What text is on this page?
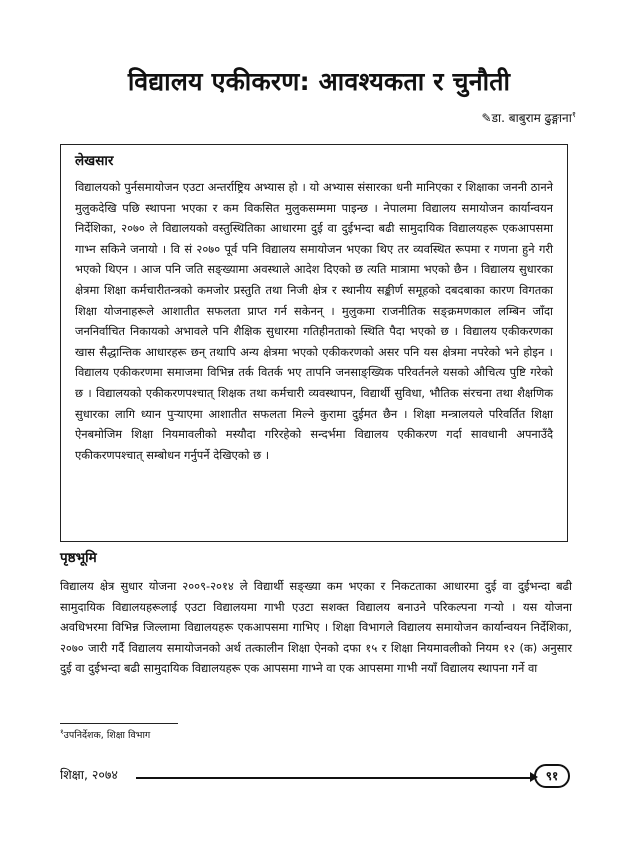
विद्यालय एकीकरण: आवश्यकता र चुनौती
✎डा. बाबुराम ढुङ्गाना$^१$

लेखसार

विद्यालयको पुर्नसमायोजन एउटा अन्तर्राष्ट्रिय अभ्यास हो । यो अभ्यास संसारका धनी मानिएका र शिक्षाका जननी ठानने मुलुकदेखि पछि स्थापना भएका र कम विकसित मुलुकसम्ममा पाइन्छ । नेपालमा विद्यालय समायोजन कार्यान्वयन निर्देशिका, २०७० ले विद्यालयको वस्तुस्थितिका आधारमा दुई वा दुईभन्दा बढी सामुदायिक विद्यालयहरू एकआपसमा गाभ्न सकिने जनायो । वि सं २०७० पूर्व पनि विद्यालय समायोजन भएका थिए तर व्यवस्थित रूपमा र गणना हुने गरी भएको थिएन । आज पनि जति सङ्ख्यामा अवस्थाले आदेश दिएको छ त्यति मात्रामा भएको छैन । विद्यालय सुधारका क्षेत्रमा शिक्षा कर्मचारीतन्त्रको कमजोर प्रस्तुति तथा निजी क्षेत्र र स्थानीय सङ्कीर्ण समूहको दबदबाका कारण विगतका शिक्षा योजनाहरूले आशातीत सफलता प्राप्त गर्न सकेनन् । मुलुकमा राजनीतिक सङ्क्रमणकाल लम्बिन जाँदा जननिर्वाचित निकायको अभावले पनि शैक्षिक सुधारमा गतिहीनताको स्थिति पैदा भएको छ । विद्यालय एकीकरणका खास सैद्धान्तिक आधारहरू छन् तथापि अन्य क्षेत्रमा भएको एकीकरणको असर पनि यस क्षेत्रमा नपरेको भने होइन । विद्यालय एकीकरणमा समाजमा विभिन्न तर्क वितर्क भए तापनि जनसाङ्ख्यिक परिवर्तनले यसको औचित्य पुष्टि गरेको छ । विद्यालयको एकीकरणपश्चात् शिक्षक तथा कर्मचारी व्यवस्थापन, विद्यार्थी सुविधा, भौतिक संरचना तथा शैक्षणिक सुधारका लागि ध्यान पुऱ्याएमा आशातीत सफलता मिल्ने कुरामा दुईमत छैन । शिक्षा मन्त्रालयले परिवर्तित शिक्षा ऐनबमोजिम शिक्षा नियमावलीको मस्यौदा गरिरहेको सन्दर्भमा विद्यालय एकीकरण गर्दा सावधानी अपनाउँदै एकीकरणपश्चात् सम्बोधन गर्नुपर्ने देखिएको छ ।

पृष्ठभूमि

विद्यालय क्षेत्र सुधार योजना २००९-२०१४ ले विद्यार्थी सङ्ख्या कम भएका र निकटताका आधारमा दुई वा दुईभन्दा बढी सामुदायिक विद्यालयहरूलाई एउटा विद्यालयमा गाभी एउटा सशक्त विद्यालय बनाउने परिकल्पना गऱ्यो । यस योजना अवधिभरमा विभिन्न जिल्लामा विद्यालयहरू एकआपसमा गाभिए । शिक्षा विभागले विद्यालय समायोजन कार्यान्वयन निर्देशिका, २०७० जारी गर्दै विद्यालय समायोजनको अर्थ तत्कालीन शिक्षा ऐनको दफा १५ र शिक्षा नियमावलीको नियम १२ (क) अनुसार दुई वा दुईभन्दा बढी सामुदायिक विद्यालयहरू एक आपसमा गाभ्ने वा एक आपसमा गाभी नयाँ विद्यालय स्थापना गर्ने वा

$^१$उपनिर्देशक, शिक्षा विभाग
शिक्षा, २०७४	९१
